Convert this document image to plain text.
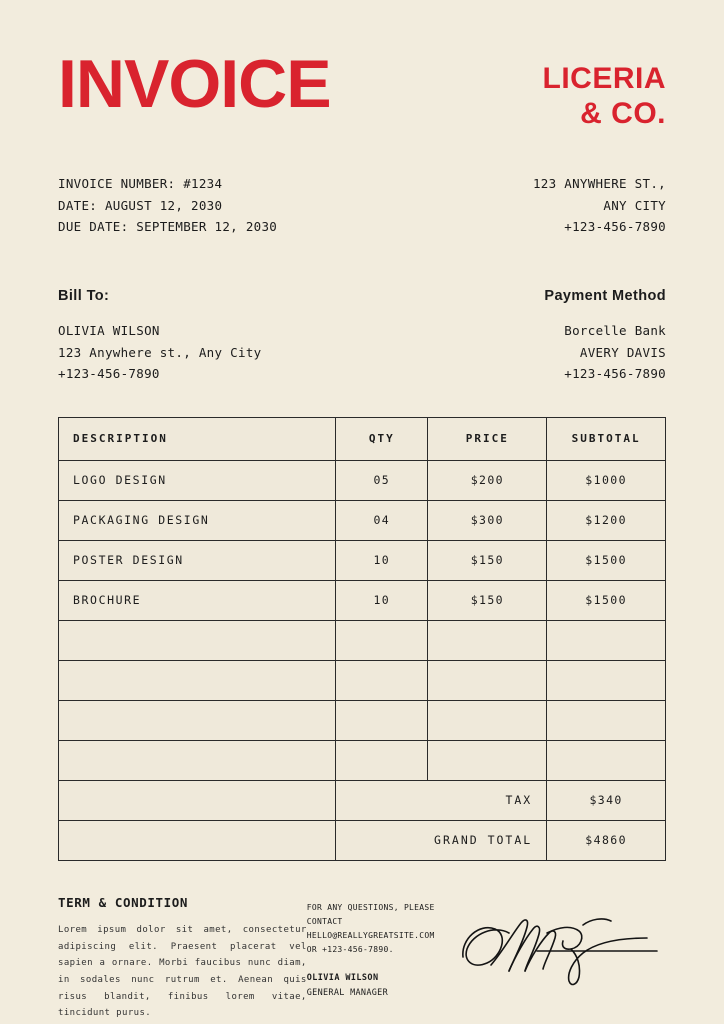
INVOICE	LICERIA
& CO.
INVOICE NUMBER: #1234
DATE: AUGUST 12, 2030
DUE DATE: SEPTEMBER 12, 2030
123 ANYWHERE ST.,
ANY CITY
+123-456-7890
Bill To:
OLIVIA WILSON
123 Anywhere st., Any City
+123-456-7890
Payment Method
Borcelle Bank
AVERY DAVIS
+123-456-7890
DESCRIPTION	QTY	PRICE	SUBTOTAL
LOGO DESIGN	05	$200	$1000
PACKAGING DESIGN	04	$300	$1200
POSTER DESIGN	10	$150	$1500
BROCHURE	10	$150	$1500

	TAX		$340
	GRAND TOTAL		$4860
TERM & CONDITION

Lorem ipsum dolor sit amet, consectetur adipiscing elit. Praesent placerat vel sapien a ornare. Morbi faucibus nunc diam, in sodales nunc rutrum et. Aenean quis risus blandit, finibus lorem vitae, tincidunt purus.

FOR ANY QUESTIONS, PLEASE
CONTACT
HELLO@REALLYGREATSITE.COM
OR +123-456-7890.
OLIVIA WILSON
GENERAL MANAGER
